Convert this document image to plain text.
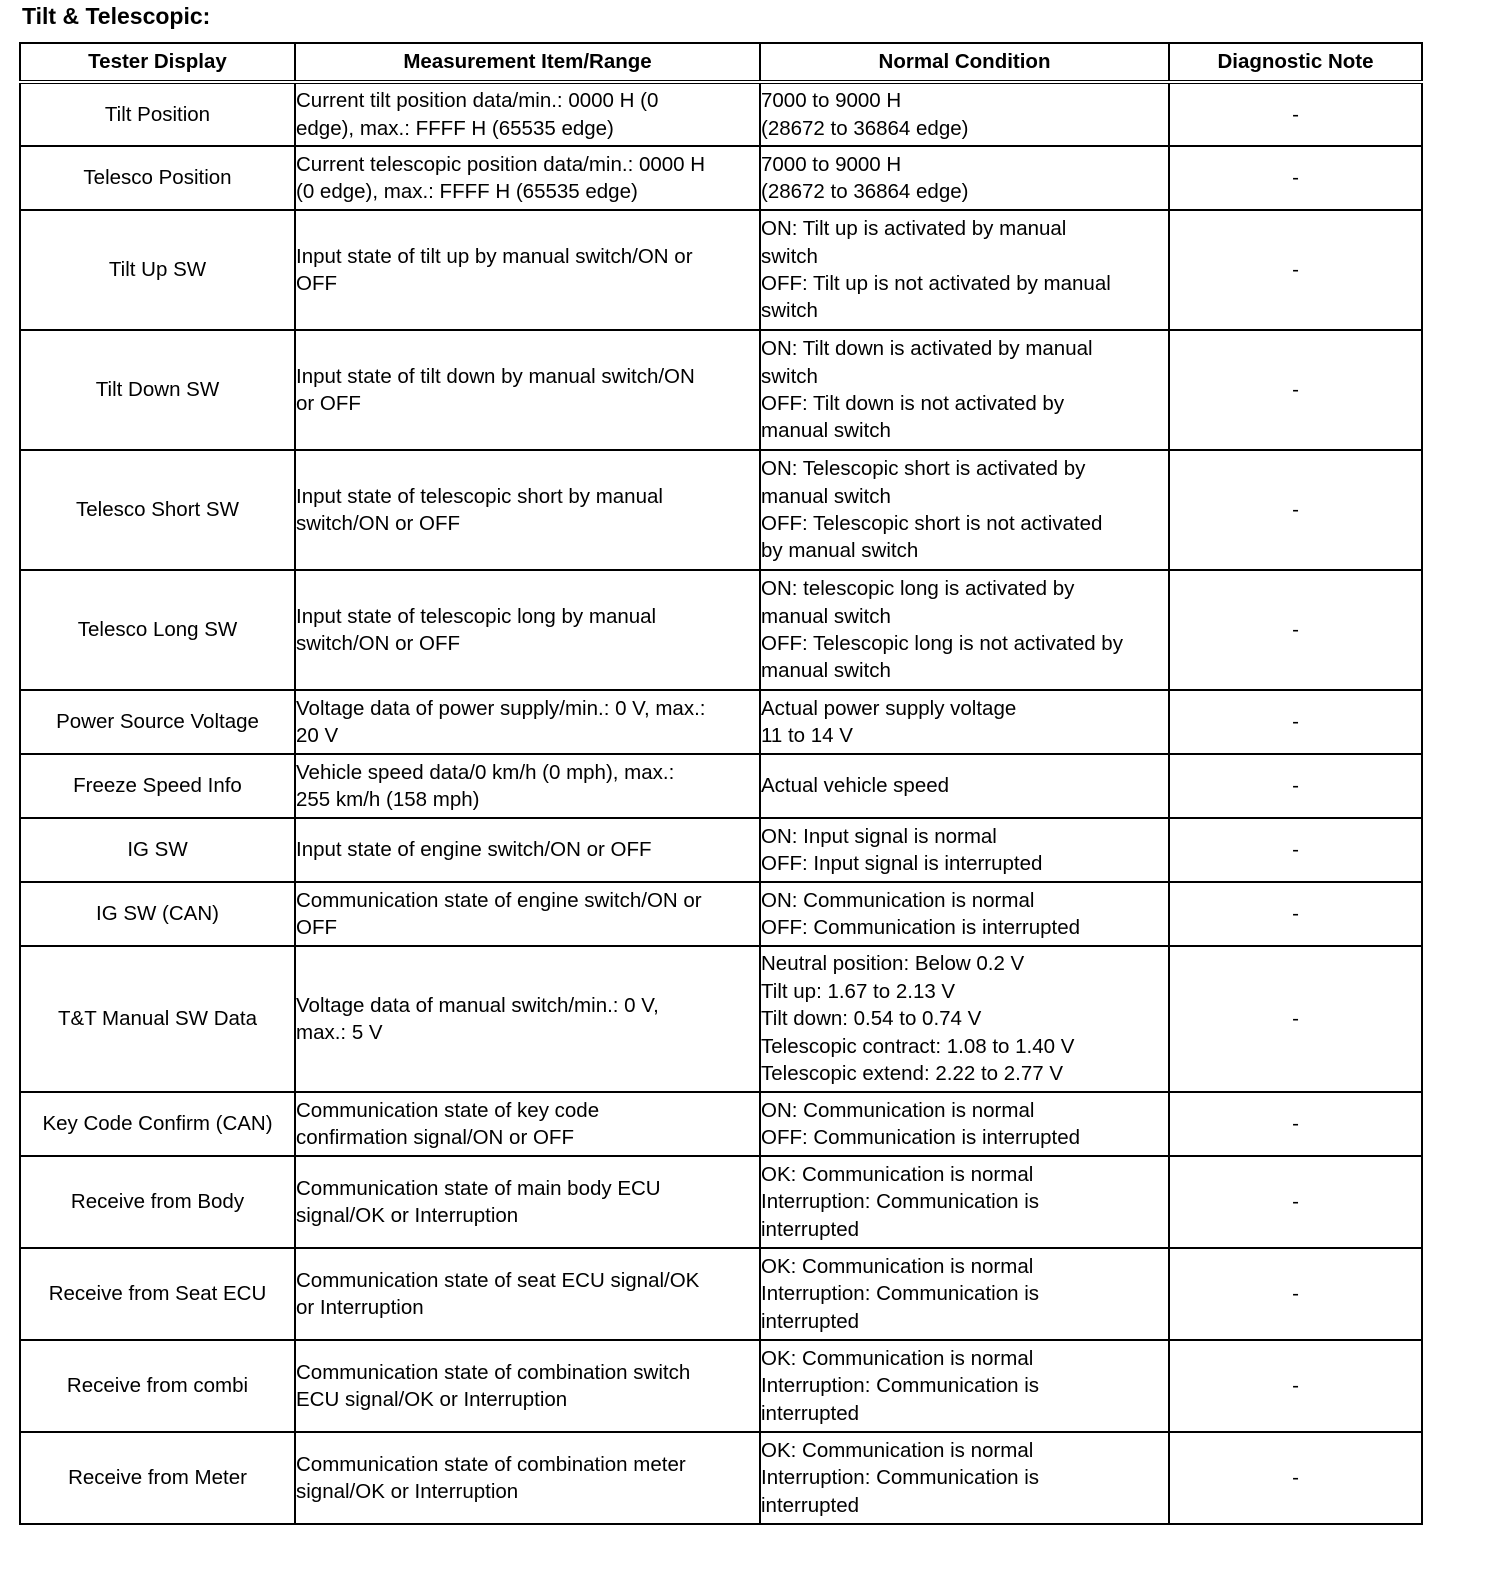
Tilt & Telescopic:
Tester Display	Measurement Item/Range	Normal Condition	Diagnostic Note
Tilt Position	Current tilt position data/min.: 0000 H (0
edge), max.: FFFF H (65535 edge)	7000 to 9000 H
(28672 to 36864 edge)	-
Telesco Position	Current telescopic position data/min.: 0000 H
(0 edge), max.: FFFF H (65535 edge)	7000 to 9000 H
(28672 to 36864 edge)	-
Tilt Up SW	Input state of tilt up by manual switch/ON or
OFF	ON: Tilt up is activated by manual
switch
OFF: Tilt up is not activated by manual
switch	-
Tilt Down SW	Input state of tilt down by manual switch/ON
or OFF	ON: Tilt down is activated by manual
switch
OFF: Tilt down is not activated by
manual switch	-
Telesco Short SW	Input state of telescopic short by manual
switch/ON or OFF	ON: Telescopic short is activated by
manual switch
OFF: Telescopic short is not activated
by manual switch	-
Telesco Long SW	Input state of telescopic long by manual
switch/ON or OFF	ON: telescopic long is activated by
manual switch
OFF: Telescopic long is not activated by
manual switch	-
Power Source Voltage	Voltage data of power supply/min.: 0 V, max.:
20 V	Actual power supply voltage
11 to 14 V	-
Freeze Speed Info	Vehicle speed data/0 km/h (0 mph), max.:
255 km/h (158 mph)	Actual vehicle speed	-
IG SW	Input state of engine switch/ON or OFF	ON: Input signal is normal
OFF: Input signal is interrupted	-
IG SW (CAN)	Communication state of engine switch/ON or
OFF	ON: Communication is normal
OFF: Communication is interrupted	-
T&T Manual SW Data	Voltage data of manual switch/min.: 0 V,
max.: 5 V	Neutral position: Below 0.2 V
Tilt up: 1.67 to 2.13 V
Tilt down: 0.54 to 0.74 V
Telescopic contract: 1.08 to 1.40 V
Telescopic extend: 2.22 to 2.77 V	-
Key Code Confirm (CAN)	Communication state of key code
confirmation signal/ON or OFF	ON: Communication is normal
OFF: Communication is interrupted	-
Receive from Body	Communication state of main body ECU
signal/OK or Interruption	OK: Communication is normal
Interruption: Communication is
interrupted	-
Receive from Seat ECU	Communication state of seat ECU signal/OK
or Interruption	OK: Communication is normal
Interruption: Communication is
interrupted	-
Receive from combi	Communication state of combination switch
ECU signal/OK or Interruption	OK: Communication is normal
Interruption: Communication is
interrupted	-
Receive from Meter	Communication state of combination meter
signal/OK or Interruption	OK: Communication is normal
Interruption: Communication is
interrupted	-
